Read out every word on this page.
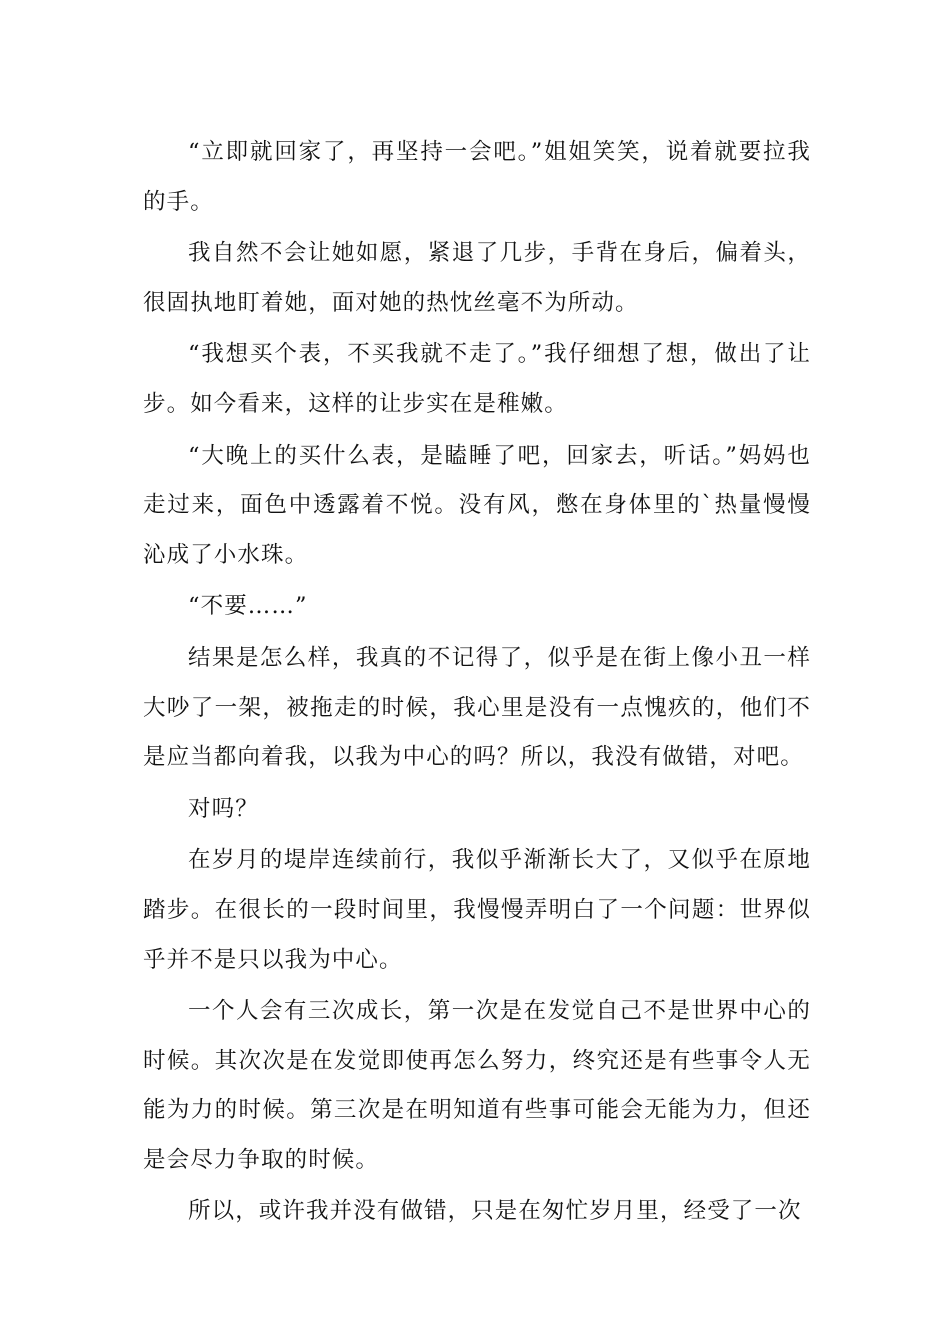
“立即就回家了，再坚持一会吧。”姐姐笑笑，说着就要拉我的手。

我自然不会让她如愿，紧退了几步，手背在身后，偏着头，很固执地盯着她，面对她的热忱丝毫不为所动。

“我想买个表，不买我就不走了。”我仔细想了想，做出了让步。如今看来，这样的让步实在是稚嫩。

“大晚上的买什么表，是瞌睡了吧，回家去，听话。”妈妈也走过来，面色中透露着不悦。没有风，憋在身体里的`热量慢慢沁成了小水珠。

“不要……”

结果是怎么样，我真的不记得了，似乎是在街上像小丑一样大吵了一架，被拖走的时候，我心里是没有一点愧疚的，他们不是应当都向着我，以我为中心的吗？所以，我没有做错，对吧。

对吗？

在岁月的堤岸连续前行，我似乎渐渐长大了，又似乎在原地踏步。在很长的一段时间里，我慢慢弄明白了一个问题：世界似乎并不是只以我为中心。

一个人会有三次成长，第一次是在发觉自己不是世界中心的时候。其次次是在发觉即使再怎么努力，终究还是有些事令人无能为力的时候。第三次是在明知道有些事可能会无能为力，但还是会尽力争取的时候。

所以，或许我并没有做错，只是在匆忙岁月里，经受了一次
